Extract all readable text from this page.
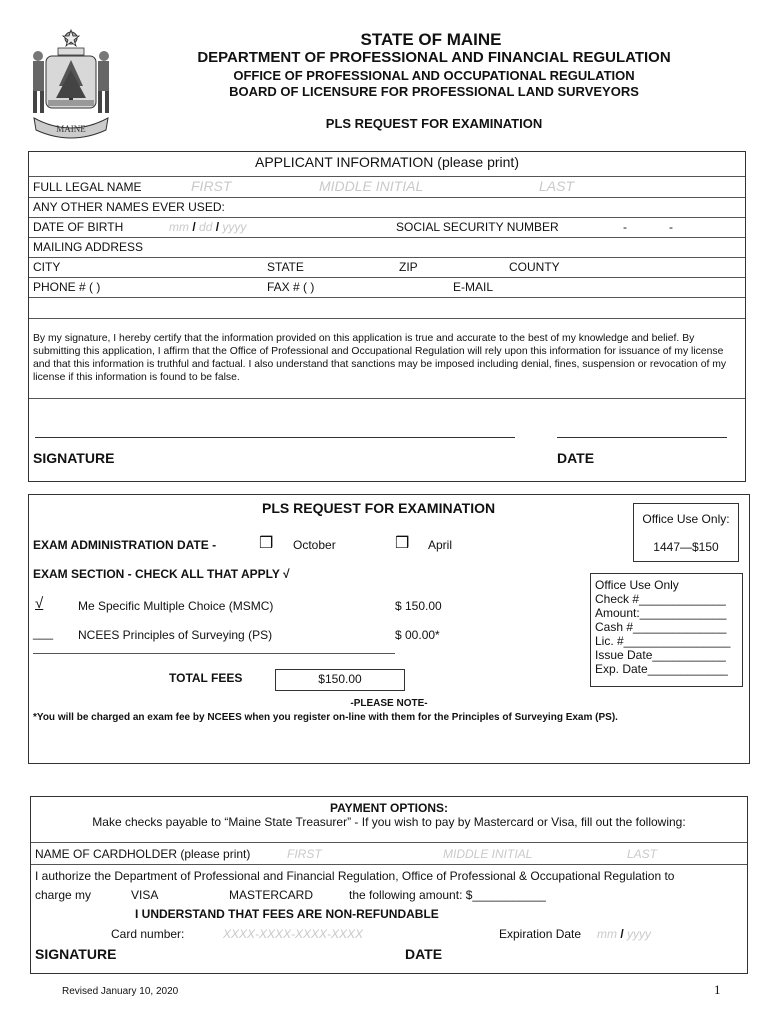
MAINE
STATE OF MAINE
DEPARTMENT OF PROFESSIONAL AND FINANCIAL REGULATION
OFFICE OF PROFESSIONAL AND OCCUPATIONAL REGULATION
BOARD OF LICENSURE FOR PROFESSIONAL LAND SURVEYORS
PLS REQUEST FOR EXAMINATION
APPLICANT INFORMATION (please print)
FULL LEGAL NAME	FIRST	MIDDLE INITIAL	LAST
ANY OTHER NAMES EVER USED:
DATE OF BIRTH	mm / dd / yyyy	SOCIAL SECURITY NUMBER	-	-
MAILING ADDRESS
CITY	STATE	ZIP	COUNTY
PHONE # ( )	FAX # ( )	E-MAIL
By my signature, I hereby certify that the information provided on this application is true and accurate to the best of my knowledge and belief. By submitting this application, I affirm that the Office of Professional and Occupational Regulation will rely upon this information for issuance of my license and that this information is truthful and factual. I also understand that sanctions may be imposed including denial, fines, suspension or revocation of my license if this information is found to be false.
SIGNATURE	DATE
PLS REQUEST FOR EXAMINATION
Office Use Only:
1447—$150
EXAM ADMINISTRATION DATE -	❒ October	❒ April
EXAM SECTION - CHECK ALL THAT APPLY √
√	Me Specific Multiple Choice (MSMC)	$ 150.00
___ NCEES Principles of Surveying (PS)	$ 00.00*
Office Use Only
Check #_____________
Amount:_____________
Cash #______________
Lic. #________________
Issue Date___________
Exp. Date____________
TOTAL FEES	$150.00
-PLEASE NOTE-
*You will be charged an exam fee by NCEES when you register on-line with them for the Principles of Surveying Exam (PS).
PAYMENT OPTIONS:
Make checks payable to “Maine State Treasurer” - If you wish to pay by Mastercard or Visa, fill out the following:
NAME OF CARDHOLDER (please print)	FIRST	MIDDLE INITIAL	LAST
I authorize the Department of Professional and Financial Regulation, Office of Professional & Occupational Regulation to
charge my	VISA	MASTERCARD	the following amount: $___________
I UNDERSTAND THAT FEES ARE NON-REFUNDABLE
Card number:	XXXX-XXXX-XXXX-XXXX	Expiration Date mm / yyyy
SIGNATURE	DATE
Revised January 10, 2020	1
